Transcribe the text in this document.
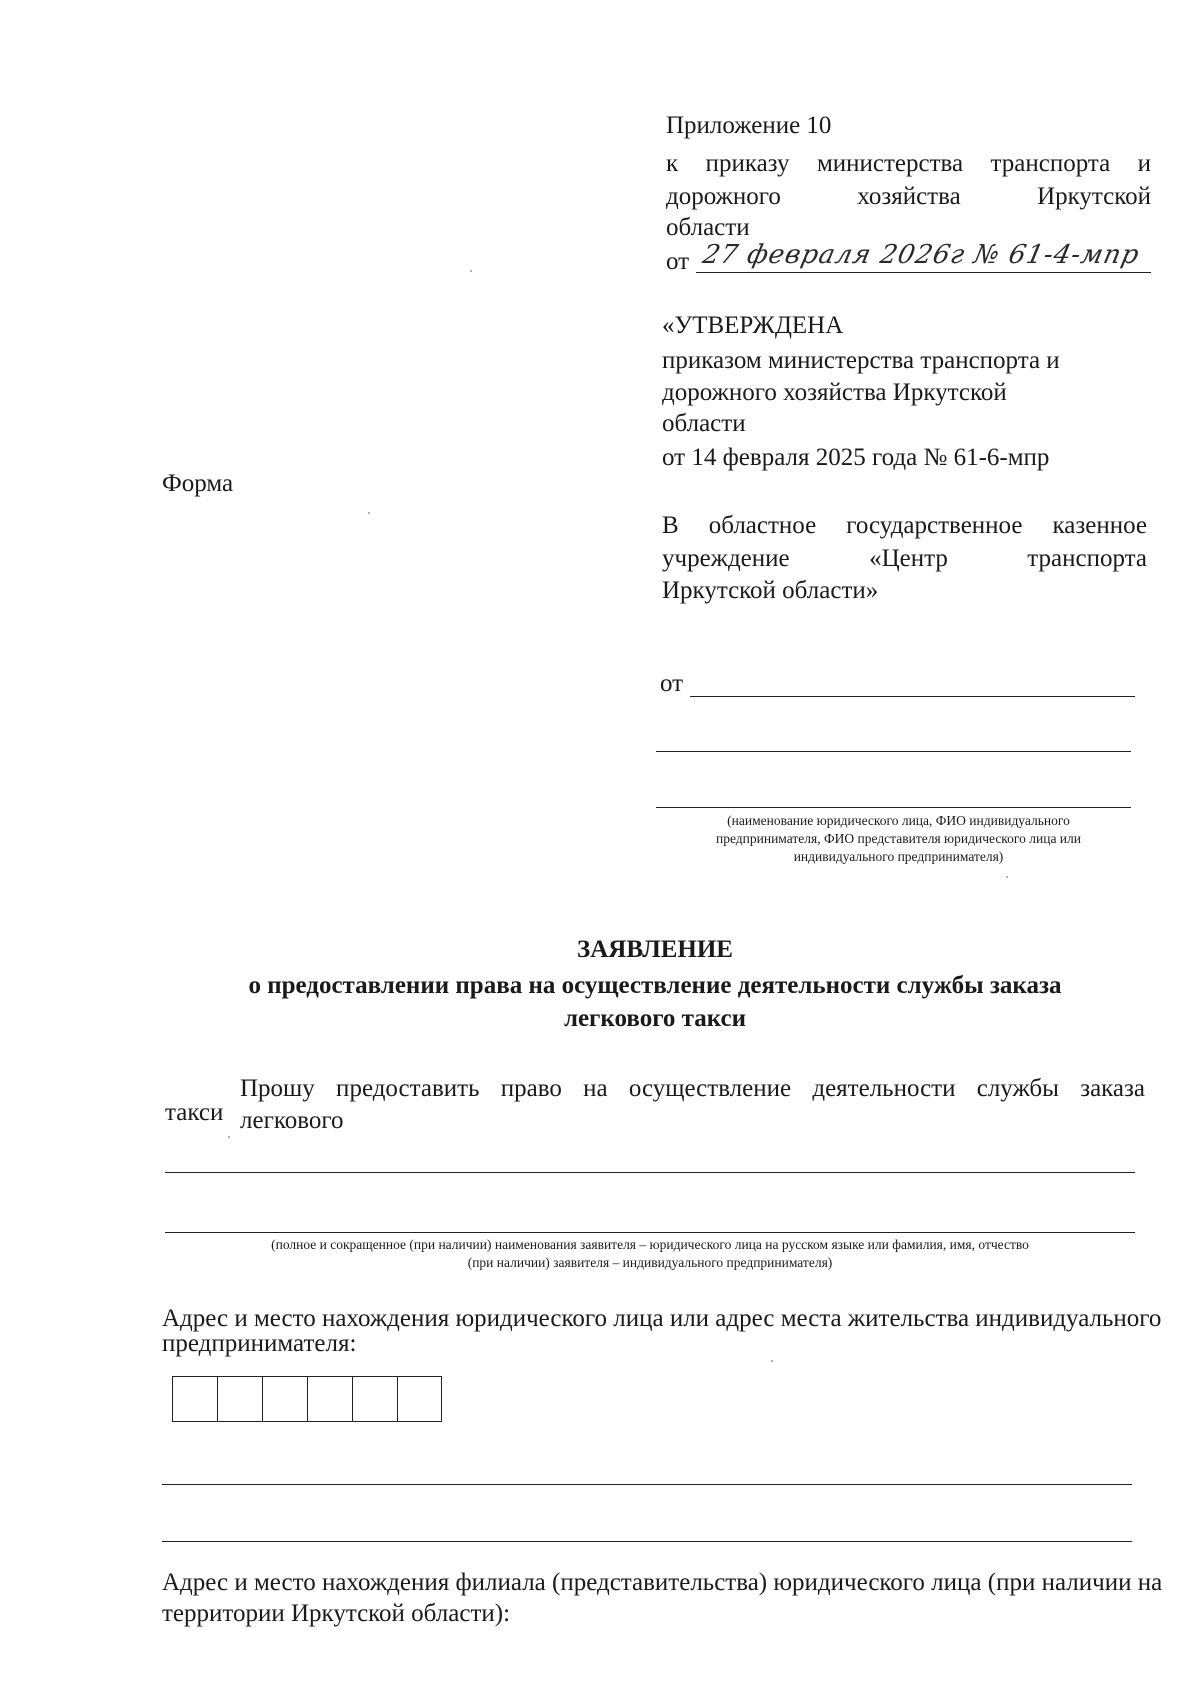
Приложение 10
к приказу министерства транспорта и
дорожного хозяйства Иркутской
области
от 27 февраля 2026г № 61-4-мпр
«УТВЕРЖДЕНА
приказом министерства транспорта и
дорожного хозяйства Иркутской
области
от 14 февраля 2025 года № 61-6-мпр
Форма
В областное государственное казенное
учреждение «Центр транспорта
Иркутской области»
от
(наименование юридического лица, ФИО индивидуального
предпринимателя, ФИО представителя юридического лица или
индивидуального предпринимателя)
ЗАЯВЛЕНИЕ
о предоставлении права на осуществление деятельности службы заказа
легкового такси
Прошу предоставить право на осуществление деятельности службы заказа легкового
такси
(полное и сокращенное (при наличии) наименования заявителя – юридического лица на русском языке или фамилия, имя, отчество
(при наличии) заявителя – индивидуального предпринимателя)
Адрес и место нахождения юридического лица или адрес места жительства индивидуального
предпринимателя:
Адрес и место нахождения филиала (представительства) юридического лица (при наличии на
территории Иркутской области):
